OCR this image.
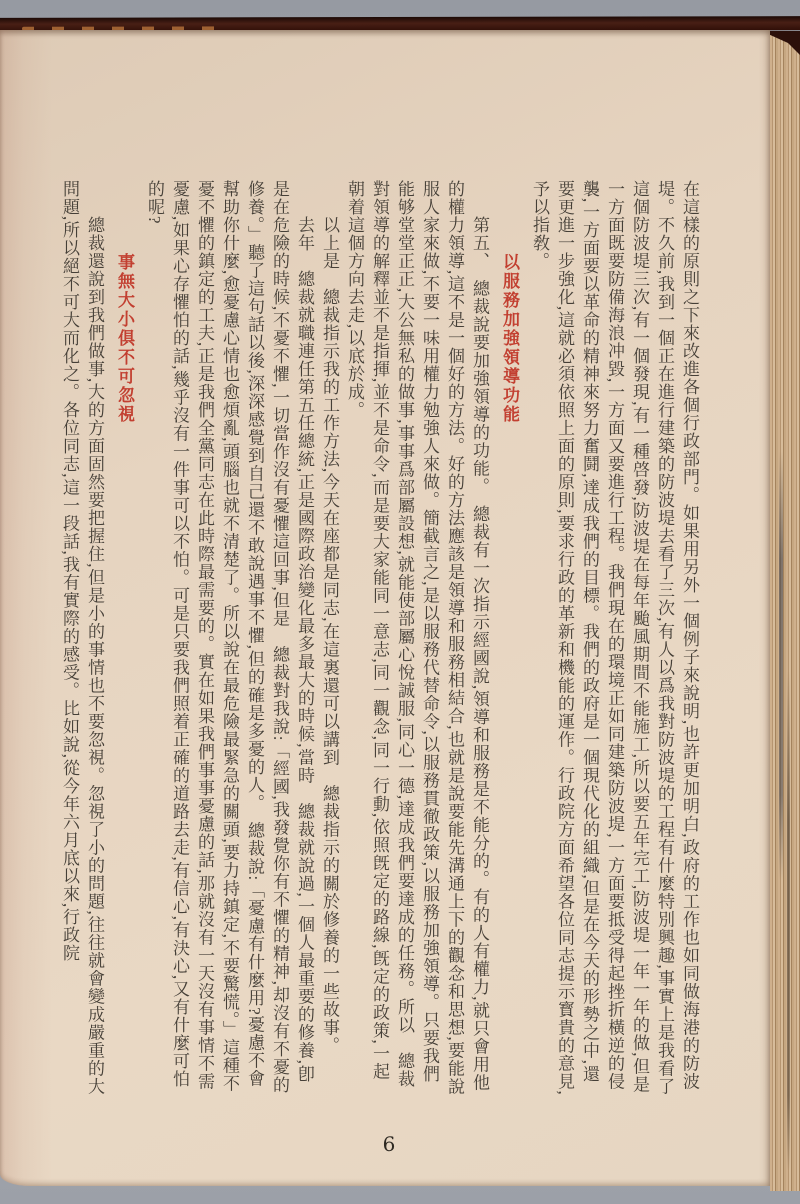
在這樣的原則之下來改進各個行政部門。如果用另外一個例子來說明,也許更加明白,政府的工作也如同做海港的防波堤。不久前,我到一個正在進行建築的防波堤去看了三次,有人以爲我對防波堤的工程有什麼特別興趣,事實上是我看了這個防波堤三次,有一個發現,有一種啓發,防波堤在每年颱風期間不能施工,所以要五年完工,防波堤一年一年的做,但是一方面既要防備海浪冲毀,一方面又要進行工程。我們現在的環境正如同建築防波堤,一方面要抵受得起挫折橫逆的侵襲,一方面要以革命的精神來努力奮鬪,達成我們的目標。我們的政府是一個現代化的組織,但是在今天的形勢之中,還要更進一步強化,這就必須依照上面的原則,要求行政的革新和機能的運作。行政院方面希望各位同志提示寳貴的意見,予以指敎。

以服務加強領導功能

　　第五、　總裁說要加強領導的功能。　總裁有一次指示經國說,領導和服務是不能分的。有的人有權力,就只會用他的權力領導,這不是一個好的方法。好的方法應該是領導和服務相結合,也就是說要能先溝通上下的觀念和思想,要能說服人家來做,不要一味用權力勉強人來做。簡截言之,是以服務代替命令,以服務貫徹政策,以服務加強領導。只要我們能够堂堂正正,大公無私的做事,事事爲部屬設想,就能使部屬心悅誠服,同心一德,達成我們要達成的任務。所以　總裁對領導的解釋並不是指揮,並不是命令,而是要大家能同一意志,同一觀念,同一行動,依照旣定的路線,旣定的政策,一起朝着這個方向去走,以底於成。

　　以上是　總裁指示我的工作方法,今天在座都是同志,在這裏還可以講到　總裁指示的關於修養的一些故事。

　　去年　總裁就職連任第五任總統,正是國際政治變化最多最大的時候,當時　總裁就說過,一個人最重要的修養,卽是在危險的時候,不憂不懼,一切當作沒有憂懼這回事,但是　總裁對我說:「經國,我發覺你有不懼的精神,却沒有不憂的修養。」聽了這句話以後,深深感覺到自己還不敢說遇事不懼,但的確是多憂的人。　總裁說:「憂慮有什麼用?憂慮不會幫助你什麼,愈憂慮心情也愈煩亂,頭腦也就不清楚了。所以說在最危險最緊急的關頭,要力持鎮定,不要驚慌。」這種不憂不懼的鎮定的工夫,正是我們全黨同志在此時際最需要的。實在如果我們事事憂慮的話,那就沒有一天沒有事情不需憂慮,如果心存懼怕的話,幾乎沒有一件事可以不怕。可是只要我們照着正確的道路去走,有信心,有決心,又有什麼可怕的呢?

事無大小俱不可忽視

　　總裁還說到我們做事,大的方面固然要把握住,但是小的事情也不要忽視。忽視了小的問題,往往就會變成嚴重的大問題,所以絕不可大而化之。各位同志,這一段話,我有實際的感受。比如說,從今年六月底以來,行政院

6
